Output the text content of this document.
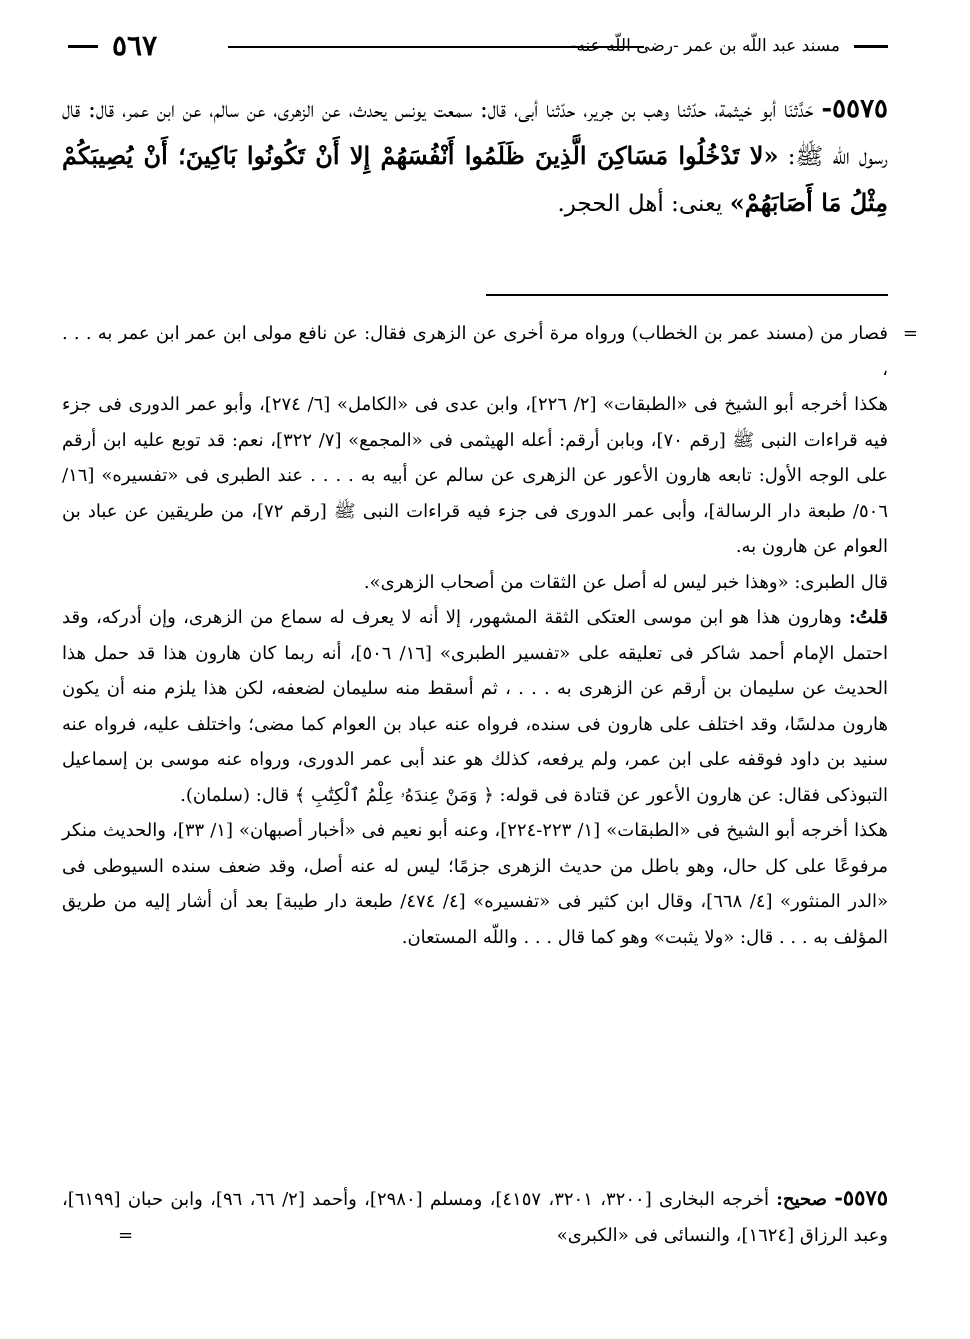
٥٦٧	مسند عبد اللّه بن عمر -رضى اللّه عنه-
٥٥٧٥- حَدَّثنَا أبو خيثمة، حدّثنا وهب بن جرير، حدّثنا أبى، قال: سمعت يونس يحدث، عن الزهرى، عن سالم، عن ابن عمر، قال: قال رسول اللّه ﷺ: «لا تَدْخُلُوا مَسَاكِنَ الَّذِينَ ظَلَمُوا أَنْفُسَهُمْ إِلا أَنْ تَكُونُوا بَاكِينَ؛ أَنْ يُصِيبَكُمْ مِثْلُ مَا أَصَابَهُمْ» يعنى: أهل الحجر.
=

فصار من (مسند عمر بن الخطاب) ورواه مرة أخرى عن الزهرى فقال: عن نافع مولى ابن عمر ابن عمر به . . . ،

هكذا أخرجه أبو الشيخ فى «الطبقات» [٢/ ٢٢٦]، وابن عدى فى «الكامل» [٦/ ٢٧٤]، وأبو عمر الدورى فى جزء فيه قراءات النبى ﷺ [رقم ٧٠]، وبابن أرقم: أعله الهيثمى فى «المجمع» [٧/ ٣٢٢]، نعم: قد توبع عليه ابن أرقم على الوجه الأول: تابعه هارون الأعور عن الزهرى عن سالم عن أبيه به . . . . عند الطبرى فى «تفسيره» [١٦/ ٥٠٦/ طبعة دار الرسالة]، وأبى عمر الدورى فى جزء فيه قراءات النبى ﷺ [رقم ٧٢]، من طريقين عن عباد بن العوام عن هارون به.

قال الطبرى: «وهذا خبر ليس له أصل عن الثقات من أصحاب الزهرى».

قلتُ: وهارون هذا هو ابن موسى العتكى الثقة المشهور، إلا أنه لا يعرف له سماع من الزهرى، وإن أدركه، وقد احتمل الإمام أحمد شاكر فى تعليقه على «تفسير الطبرى» [١٦/ ٥٠٦]، أنه ربما كان هارون هذا قد حمل هذا الحديث عن سليمان بن أرقم عن الزهرى به . . . ، ثم أسقط منه سليمان لضعفه، لكن هذا يلزم منه أن يكون هارون مدلسًا، وقد اختلف على هارون فى سنده، فرواه عنه عباد بن العوام كما مضى؛ واختلف عليه، فرواه عنه سنيد بن داود فوقفه على ابن عمر، ولم يرفعه، كذلك هو عند أبى عمر الدورى، ورواه عنه موسى بن إسماعيل التبوذكى فقال: عن هارون الأعور عن قتادة فى قوله: ﴿ وَمَنْ عِندَهُۥ عِلْمُ ٱلْكِتَٰبِ ﴾ قال: (سلمان).

هكذا أخرجه أبو الشيخ فى «الطبقات» [١/ ٢٢٣-٢٢٤]، وعنه أبو نعيم فى «أخبار أصبهان» [١/ ٣٣]، والحديث منكر مرفوعًا على كل حال، وهو باطل من حديث الزهرى جزمًا؛ ليس له عنه أصل، وقد ضعف سنده السيوطى فى «الدر المنثور» [٤/ ٦٦٨]، وقال ابن كثير فى «تفسيره» [٤/ ٤٧٤/ طبعة دار طيبة] بعد أن أشار إليه من طريق المؤلف به . . . قال: «ولا يثبت» وهو كما قال . . . واللّه المستعان.

٥٥٧٥- صحيح: أخرجه البخارى [٣٢٠٠، ٣٢٠١، ٤١٥٧]، ومسلم [٢٩٨٠]، وأحمد [٢/ ٦٦، ٩٦]، وابن حبان [٦١٩٩]، وعبد الرزاق [١٦٢٤]، والنسائى فى «الكبرى»
=
